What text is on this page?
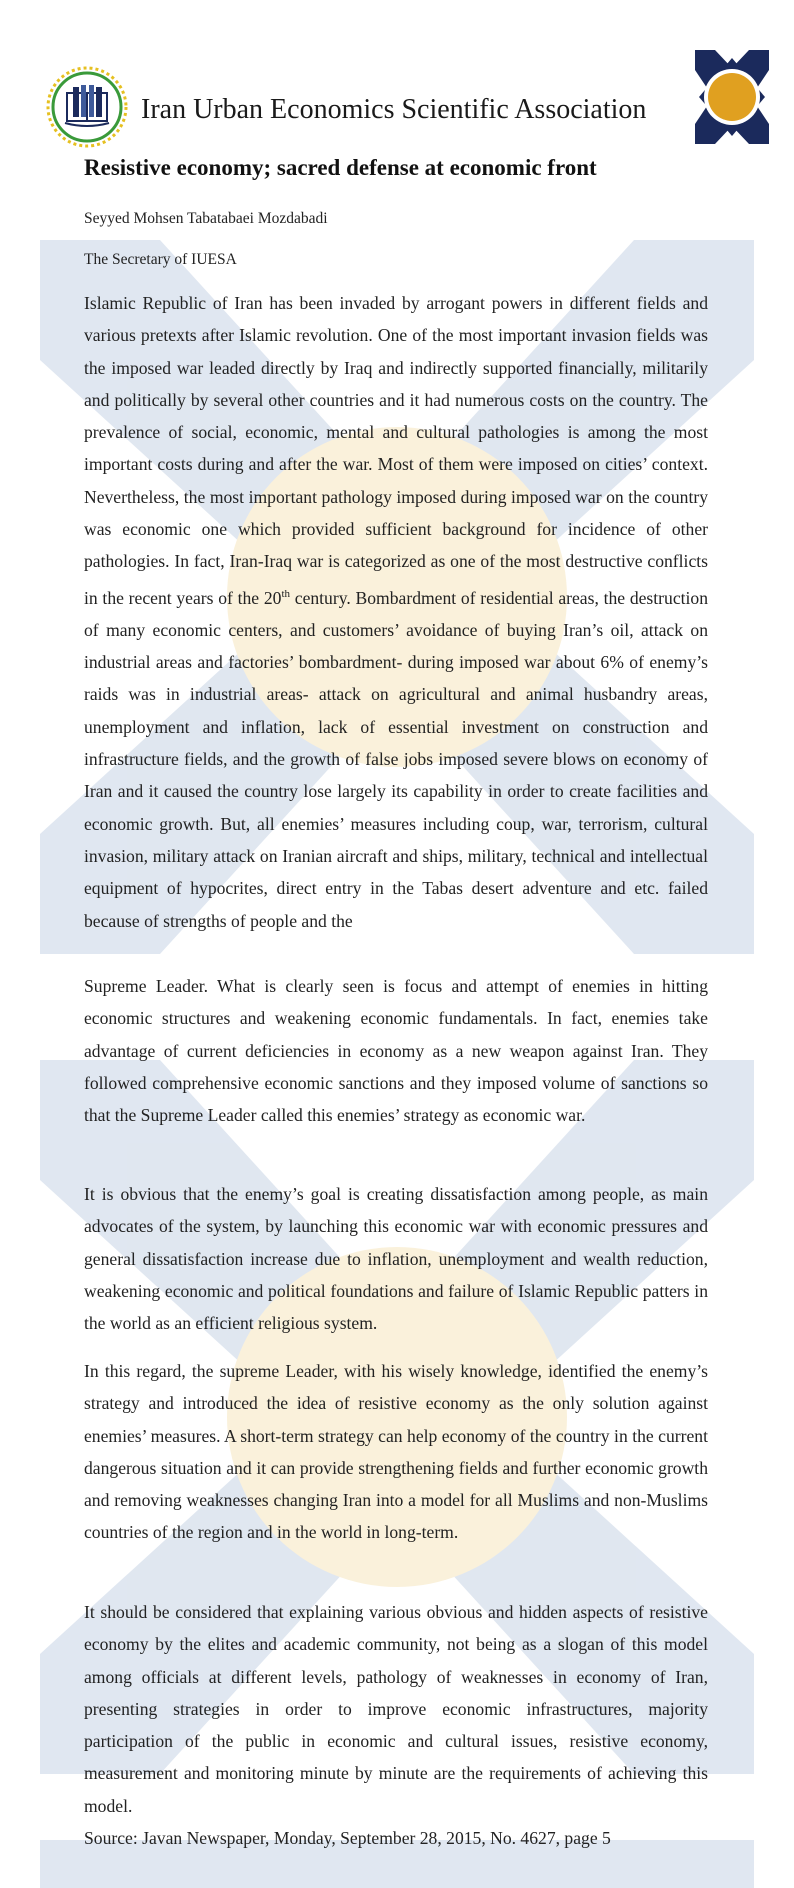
Iran Urban Economics Scientific Association
Resistive economy; sacred defense at economic front

Seyyed Mohsen Tabatabaei Mozdabadi

The Secretary of IUESA

Islamic Republic of Iran has been invaded by arrogant powers in different fields and various pretexts after Islamic revolution. One of the most important invasion fields was the imposed war leaded directly by Iraq and indirectly supported financially, militarily and politically by several other countries and it had numerous costs on the country. The prevalence of social, economic, mental and cultural pathologies is among the most important costs during and after the war. Most of them were imposed on cities’ context. Nevertheless, the most important pathology imposed during imposed war on the country was economic one which provided sufficient background for incidence of other pathologies. In fact, Iran-Iraq war is categorized as one of the most destructive conflicts in the recent years of the 20th century. Bombardment of residential areas, the destruction of many economic centers, and customers’ avoidance of buying Iran’s oil, attack on industrial areas and factories’ bombardment- during imposed war about 6% of enemy’s raids was in industrial areas- attack on agricultural and animal husbandry areas, unemployment and inflation, lack of essential investment on construction and infrastructure fields, and the growth of false jobs imposed severe blows on economy of Iran and it caused the country lose largely its capability in order to create facilities and economic growth. But, all enemies’ measures including coup, war, terrorism, cultural invasion, military attack on Iranian aircraft and ships, military, technical and intellectual equipment of hypocrites, direct entry in the Tabas desert adventure and etc. failed because of strengths of people and the

Supreme Leader. What is clearly seen is focus and attempt of enemies in hitting economic structures and weakening economic fundamentals. In fact, enemies take advantage of current deficiencies in economy as a new weapon against Iran. They followed comprehensive economic sanctions and they imposed volume of sanctions so that the Supreme Leader called this enemies’ strategy as economic war.

It is obvious that the enemy’s goal is creating dissatisfaction among people, as main advocates of the system, by launching this economic war with economic pressures and general dissatisfaction increase due to inflation, unemployment and wealth reduction, weakening economic and political foundations and failure of Islamic Republic patters in the world as an efficient religious system.

In this regard, the supreme Leader, with his wisely knowledge, identified the enemy’s strategy and introduced the idea of resistive economy as the only solution against enemies’ measures. A short-term strategy can help economy of the country in the current dangerous situation and it can provide strengthening fields and further economic growth and removing weaknesses changing Iran into a model for all Muslims and non-Muslims countries of the region and in the world in long-term.

It should be considered that explaining various obvious and hidden aspects of resistive economy by the elites and academic community, not being as a slogan of this model among officials at different levels, pathology of weaknesses in economy of Iran, presenting strategies in order to improve economic infrastructures, majority participation of the public in economic and cultural issues, resistive economy, measurement and monitoring minute by minute are the requirements of achieving this model.

Source: Javan Newspaper, Monday, September 28, 2015, No. 4627, page 5
